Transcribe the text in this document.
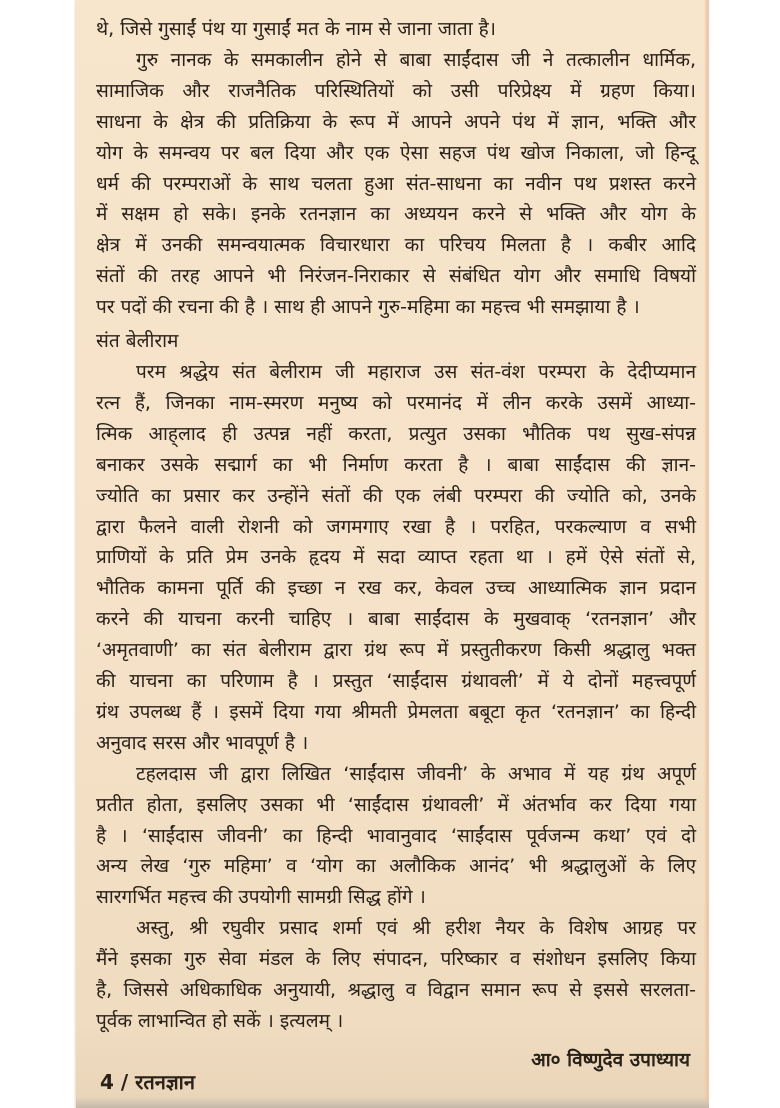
थे, जिसे गुसाईं पंथ या गुसाईं मत के नाम से जाना जाता है।
गुरु नानक के समकालीन होने से बाबा साईंदास जी ने तत्कालीन धार्मिक,
सामाजिक और राजनैतिक परिस्थितियों को उसी परिप्रेक्ष्य में ग्रहण किया।
साधना के क्षेत्र की प्रतिक्रिया के रूप में आपने अपने पंथ में ज्ञान, भक्ति और
योग के समन्वय पर बल दिया और एक ऐसा सहज पंथ खोज निकाला, जो हिन्दू
धर्म की परम्पराओं के साथ चलता हुआ संत-साधना का नवीन पथ प्रशस्त करने
में सक्षम हो सके। इनके रतनज्ञान का अध्ययन करने से भक्ति और योग के
क्षेत्र में उनकी समन्वयात्मक विचारधारा का परिचय मिलता है । कबीर आदि
संतों की तरह आपने भी निरंजन-निराकार से संबंधित योग और समाधि विषयों
पर पदों की रचना की है । साथ ही आपने गुरु-महिमा का महत्त्व भी समझाया है ।
संत बेलीराम
परम श्रद्धेय संत बेलीराम जी महाराज उस संत-वंश परम्परा के देदीप्यमान
रत्न हैं, जिनका नाम-स्मरण मनुष्य को परमानंद में लीन करके उसमें आध्या-
त्मिक आह्‌लाद ही उत्पन्न नहीं करता, प्रत्युत उसका भौतिक पथ सुख-संपन्न
बनाकर उसके सद्मार्ग का भी निर्माण करता है । बाबा साईंदास की ज्ञान-
ज्योति का प्रसार कर उन्होंने संतों की एक लंबी परम्परा की ज्योति को, उनके
द्वारा फैलने वाली रोशनी को जगमगाए रखा है । परहित, परकल्याण व सभी
प्राणियों के प्रति प्रेम उनके हृदय में सदा व्याप्त रहता था । हमें ऐसे संतों से,
भौतिक कामना पूर्ति की इच्छा न रख कर, केवल उच्च आध्यात्मिक ज्ञान प्रदान
करने की याचना करनी चाहिए । बाबा साईंदास के मुखवाक् ‘रतनज्ञान’ और
‘अमृतवाणी’ का संत बेलीराम द्वारा ग्रंथ रूप में प्रस्तुतीकरण किसी श्रद्धालु भक्त
की याचना का परिणाम है । प्रस्तुत ‘साईंदास ग्रंथावली’ में ये दोनों महत्त्वपूर्ण
ग्रंथ उपलब्ध हैं । इसमें दिया गया श्रीमती प्रेमलता बबूटा कृत ‘रतनज्ञान’ का हिन्दी
अनुवाद सरस और भावपूर्ण है ।
टहलदास जी द्वारा लिखित ‘साईंदास जीवनी’ के अभाव में यह ग्रंथ अपूर्ण
प्रतीत होता, इसलिए उसका भी ‘साईंदास ग्रंथावली’ में अंतर्भाव कर दिया गया
है । ‘साईंदास जीवनी’ का हिन्दी भावानुवाद ‘साईंदास पूर्वजन्म कथा’ एवं दो
अन्य लेख ‘गुरु महिमा’ व ‘योग का अलौकिक आनंद’ भी श्रद्धालुओं के लिए
सारगर्भित महत्त्व की उपयोगी सामग्री सिद्ध होंगे ।
अस्तु, श्री रघुवीर प्रसाद शर्मा एवं श्री हरीश नैयर के विशेष आग्रह पर
मैंने इसका गुरु सेवा मंडल के लिए संपादन, परिष्कार व संशोधन इसलिए किया
है, जिससे अधिकाधिक अनुयायी, श्रद्धालु व विद्वान समान रूप से इससे सरलता-
पूर्वक लाभान्वित हो सकें । इत्यलम् ।
आ० विष्णुदेव उपाध्याय
4 / रतनज्ञान
